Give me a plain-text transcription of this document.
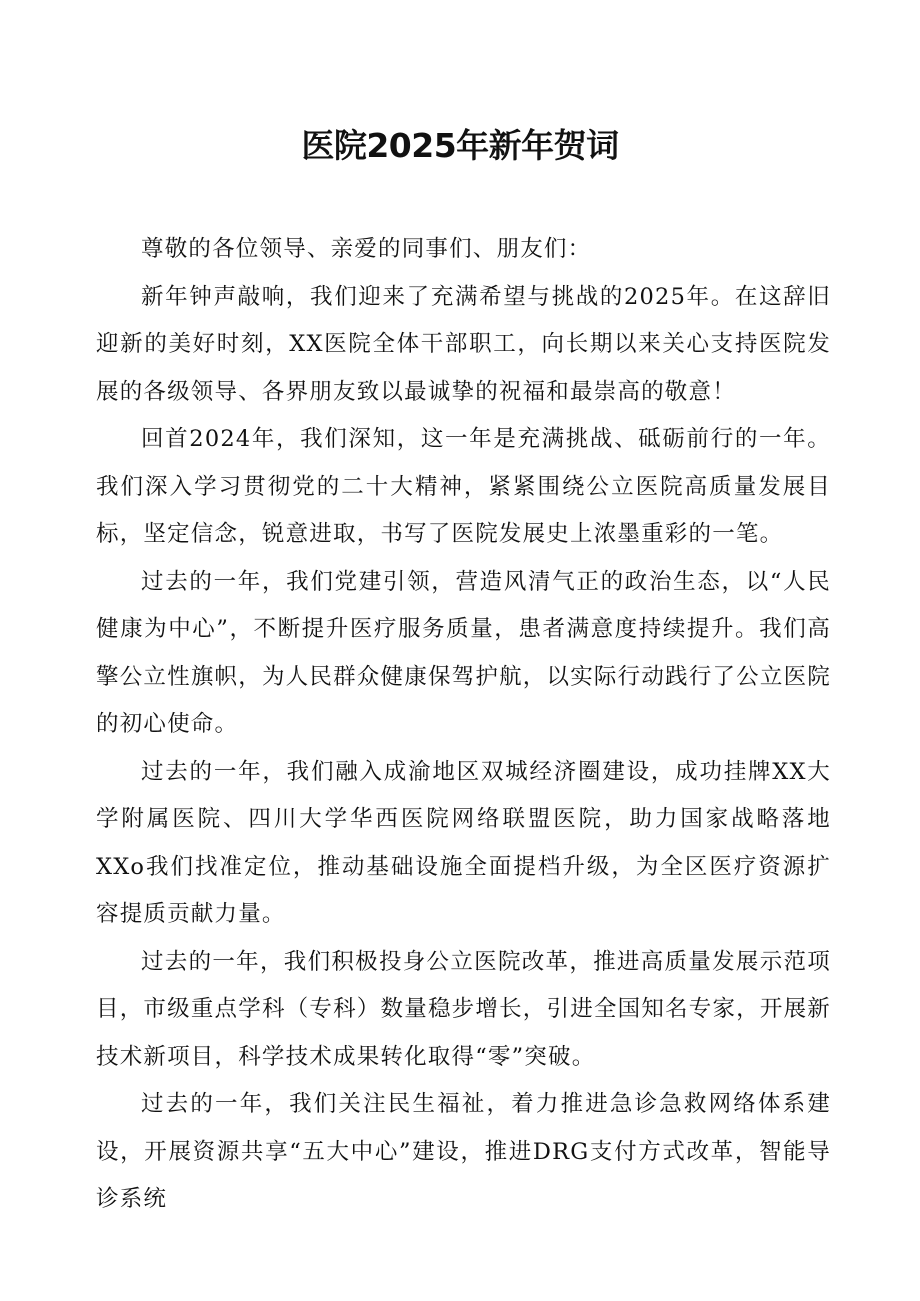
医院2025年新年贺词

尊敬的各位领导、亲爱的同事们、朋友们：

新年钟声敲响，我们迎来了充满希望与挑战的2025年。在这辞旧迎新的美好时刻，XX医院全体干部职工，向长期以来关心支持医院发展的各级领导、各界朋友致以最诚挚的祝福和最崇高的敬意！

回首2024年，我们深知，这一年是充满挑战、砥砺前行的一年。我们深入学习贯彻党的二十大精神，紧紧围绕公立医院高质量发展目标，坚定信念，锐意进取，书写了医院发展史上浓墨重彩的一笔。

过去的一年，我们党建引领，营造风清气正的政治生态，以“人民健康为中心”，不断提升医疗服务质量，患者满意度持续提升。我们高擎公立性旗帜，为人民群众健康保驾护航，以实际行动践行了公立医院的初心使命。

过去的一年，我们融入成渝地区双城经济圈建设，成功挂牌XX大学附属医院、四川大学华西医院网络联盟医院，助力国家战略落地XXo我们找准定位，推动基础设施全面提档升级，为全区医疗资源扩容提质贡献力量。

过去的一年，我们积极投身公立医院改革，推进高质量发展示范项目，市级重点学科（专科）数量稳步增长，引进全国知名专家，开展新技术新项目，科学技术成果转化取得“零”突破。

过去的一年，我们关注民生福祉，着力推进急诊急救网络体系建设，开展资源共享“五大中心”建设，推进DRG支付方式改革，智能导诊系统
